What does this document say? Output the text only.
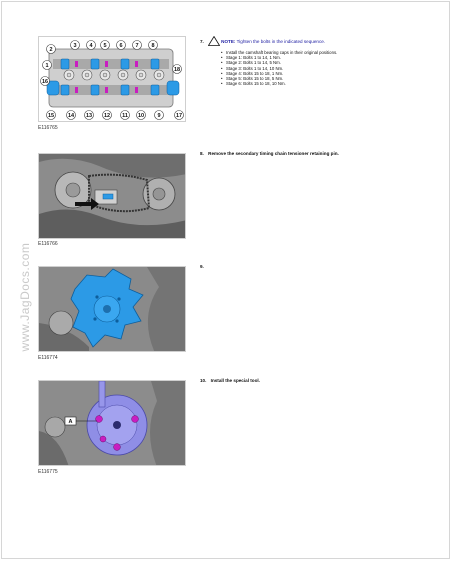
www.JagDocs.com
2
3 4 5 6 7 8
1
18
16
15	14 13 12 11 10 9	17
E116765
E116766
E116774
A
E116775
7.	NOTE: Tighten the bolts in the indicated sequence.
• Install the camshaft bearing caps in their original positions.
• Stage 1: Bolts 1 to 14, 1 Nm.
• Stage 2: Bolts 1 to 14, 5 Nm.
• Stage 3: Bolts 1 to 14, 10 Nm.
• Stage 4: Bolts 15 to 18, 1 Nm.
• Stage 5: Bolts 15 to 18, 5 Nm.
• Stage 6: Bolts 15 to 18, 10 Nm.
8. Remove the secondary timing chain tensioner retaining pin.
9.
10. Install the special tool.
